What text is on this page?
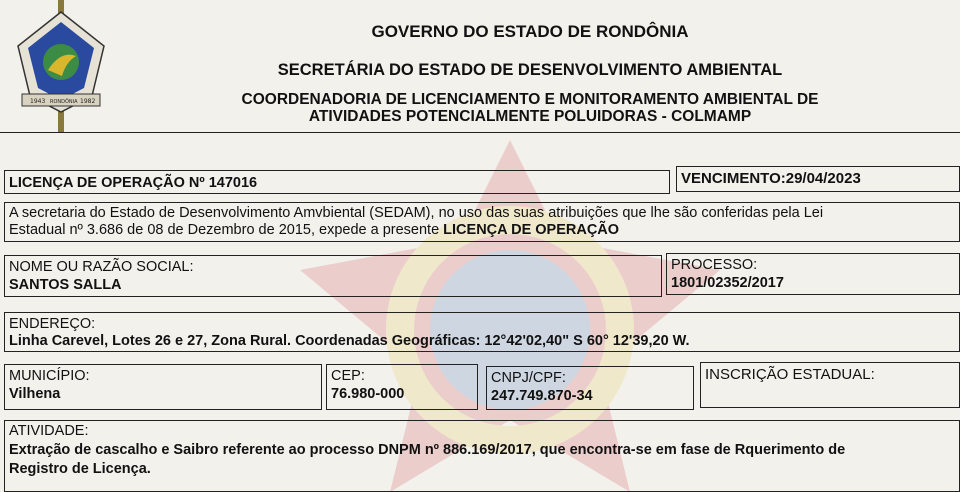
1943 RONDÔNIA 1982
GOVERNO DO ESTADO DE RONDÔNIA
SECRETÁRIA DO ESTADO DE DESENVOLVIMENTO AMBIENTAL
COORDENADORIA DE LICENCIAMENTO E MONITORAMENTO AMBIENTAL DE
ATIVIDADES POTENCIALMENTE POLUIDORAS - COLMAMP
LICENÇA DE OPERAÇÃO Nº 147016	VENCIMENTO:29/04/2023
A secretaria do Estado de Desenvolvimento Amvbiental (SEDAM), no uso das suas atribuições que lhe são conferidas pela Lei
Estadual nº 3.686 de 08 de Dezembro de 2015, expede a presente LICENÇA DE OPERAÇÃO
NOME OU RAZÃO SOCIAL:
SANTOS SALLA
PROCESSO:
1801/02352/2017
ENDEREÇO:
Linha Carevel, Lotes 26 e 27, Zona Rural. Coordenadas Geográficas: 12°42'02,40" S 60° 12'39,20 W.
MUNICÍPIO:
Vilhena
CEP:
76.980-000
CNPJ/CPF:
247.749.870-34
INSCRIÇÃO ESTADUAL:
ATIVIDADE:
Extração de cascalho e Saibro referente ao processo DNPM nº 886.169/2017, que encontra-se em fase de Rquerimento de
Registro de Licença.
